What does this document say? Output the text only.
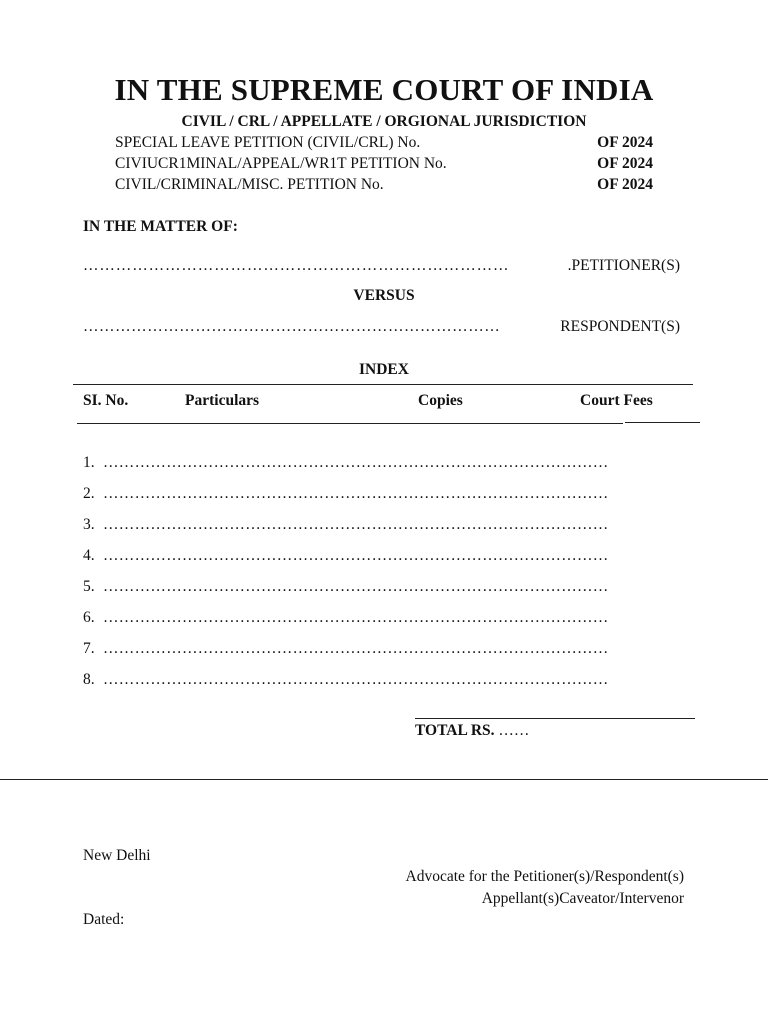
IN THE SUPREME COURT OF INDIA
CIVIL / CRL / APPELLATE / ORGIONAL JURISDICTION
SPECIAL LEAVE PETITION (CIVIL/CRL) No.	OF 2024
CIVIUCR1MINAL/APPEAL/WR1T PETITION No.	OF 2024
CIVIL/CRIMINAL/MISC. PETITION No.	OF 2024
IN THE MATTER OF:
……………………………………………………………………	.PETITIONER(S)
VERSUS
……………………………………………………………………	RESPONDENT(S)
INDEX
SI. No.	Particulars	Copies	Court Fees
1. ……………………………………………………………………………………
2. ……………………………………………………………………………………
3. ……………………………………………………………………………………
4. ……………………………………………………………………………………
5. ……………………………………………………………………………………
6. ……………………………………………………………………………………
7. ……………………………………………………………………………………
8. ……………………………………………………………………………………
TOTAL RS. ……
New Delhi
Advocate for the Petitioner(s)/Respondent(s)
Appellant(s)Caveator/Intervenor
Dated:
